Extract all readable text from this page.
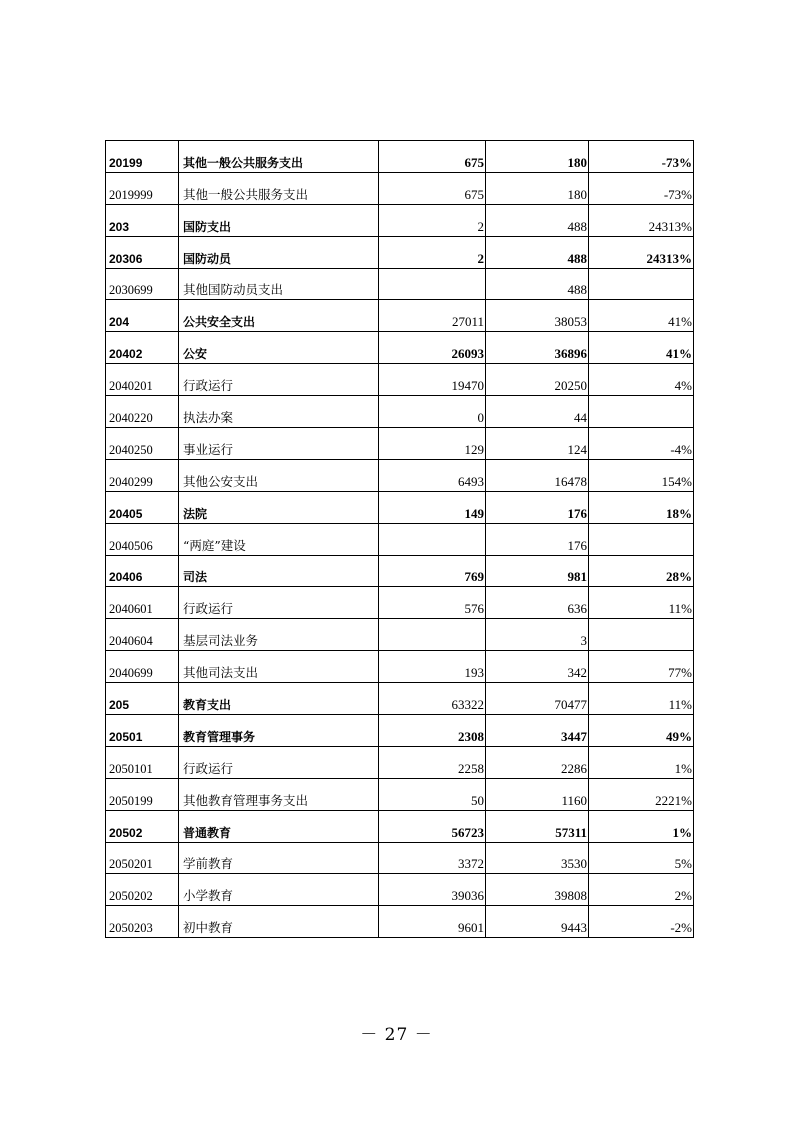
20199	其他一般公共服务支出	675	180	-73%
2019999	其他一般公共服务支出	675	180	-73%
203	国防支出	2	488	24313%
20306	国防动员	2	488	24313%
2030699	其他国防动员支出		488	
204	公共安全支出	27011	38053	41%
20402	公安	26093	36896	41%
2040201	行政运行	19470	20250	4%
2040220	执法办案	0	44	
2040250	事业运行	129	124	-4%
2040299	其他公安支出	6493	16478	154%
20405	法院	149	176	18%
2040506	“两庭”建设		176	
20406	司法	769	981	28%
2040601	行政运行	576	636	11%
2040604	基层司法业务		3	
2040699	其他司法支出	193	342	77%
205	教育支出	63322	70477	11%
20501	教育管理事务	2308	3447	49%
2050101	行政运行	2258	2286	1%
2050199	其他教育管理事务支出	50	1160	2221%
20502	普通教育	56723	57311	1%
2050201	学前教育	3372	3530	5%
2050202	小学教育	39036	39808	2%
2050203	初中教育	9601	9443	-2%
－ 27 －
